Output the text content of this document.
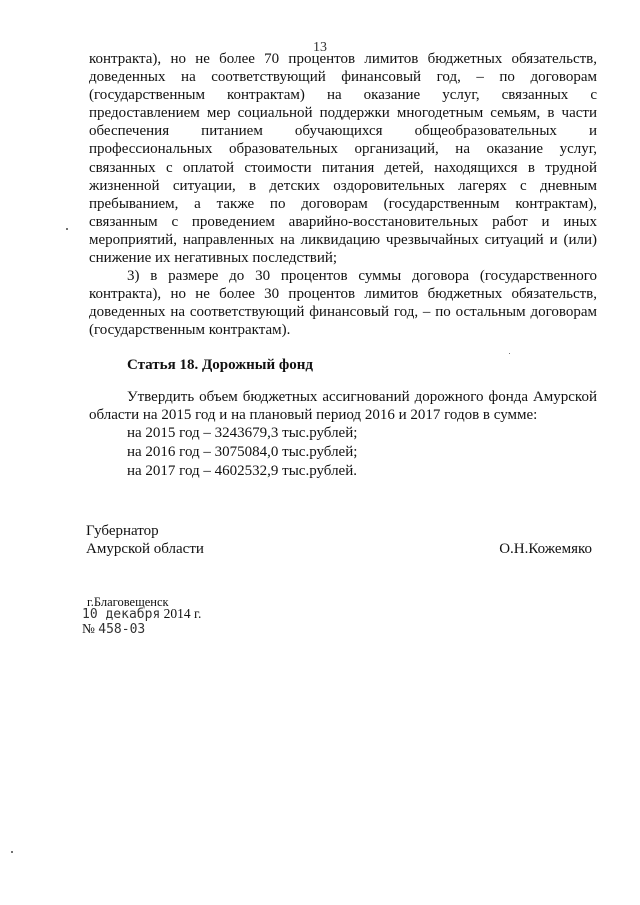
13

контракта), но не более 70 процентов лимитов бюджетных обязательств, доведенных на соответствующий финансовый год, – по договорам (государственным контрактам) на оказание услуг, связанных с предоставлением мер социальной поддержки многодетным семьям, в части обеспечения питанием обучающихся общеобразовательных и профессиональных образовательных организаций, на оказание услуг, связанных с оплатой стоимости питания детей, находящихся в трудной жизненной ситуации, в детских оздоровительных лагерях с дневным пребыванием, а также по договорам (государственным контрактам), связанным с проведением аварийно-восстановительных работ и иных мероприятий, направленных на ликвидацию чрезвычайных ситуаций и (или) снижение их негативных последствий;

3) в размере до 30 процентов суммы договора (государственного контракта), но не более 30 процентов лимитов бюджетных обязательств, доведенных на соответствующий финансовый год, – по остальным договорам (государственным контрактам).

Статья 18. Дорожный фонд

Утвердить объем бюджетных ассигнований дорожного фонда Амурской области на 2015 год и на плановый период 2016 и 2017 годов в сумме:

на 2015 год – 3243679,3 тыс.рублей;
на 2016 год – 3075084,0 тыс.рублей;
на 2017 год – 4602532,9 тыс.рублей.
Губернатор
Амурской области	О.Н.Кожемяко
г.Благовещенск
10 декабря 2014 г.
№ 458-03
